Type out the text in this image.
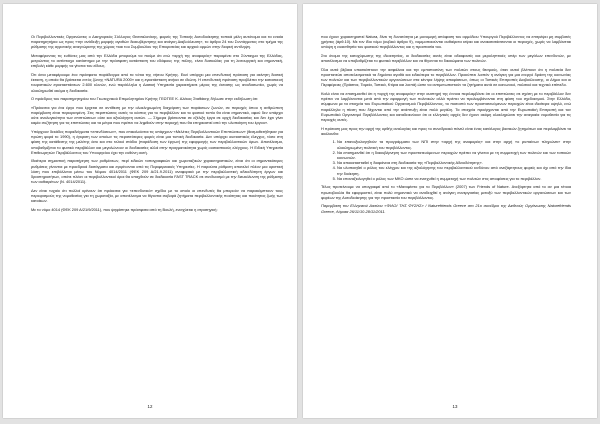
Οι Περιβαλλοντικές Οργανώσεις ο Δικηγορικός Σύλλογος Θεσσαλονίκης, φορείς της Τοπικής Αυτοδιοίκησης τοπικά μέλη αυτόνομα και τα ενιαία παρατηρητήρια ως προς «την ανάδειξη μορφής αγαθών διακυβέρνησης και ανάγκη Διαβούλευση», το άρθρο 24 του Συντάγματος στο τμήμα της ρύθμισης της αγροτικής αναγνώρισης της χώρας «και του Συμβουλίου της Επικρατείας και αρχικά ορμών στην διαρκή αντίληψη.

Μεταφέροντας τις ευθύνες μας από την Ελλάδα μπορούμε να πούμε ότι ενώ «αρχή της αναφοράς» παραμένει στο Σύνταγμα της Ελλάδας, μετρώντας το αντίστοιχο κατάστημα με την πρόσφατη κατάσταση του εδάφους της πόλης, είναι δυσκολίας για τη λειτουργική και σημαντική, επιβολή κάθε μορφής να γίνεται του είδους.

Ότι όσοι μεταφέρουμε ένα πρόσφατο παράδειγμα από τα νότια της νήσου Κρήτης. Εκεί υπάρχει μια επενδυτική πρόταση για ακίνητη δασική έκταση, η οποία θα βρίσκεται εντός ζώνης «NATURA 2000» και η εγκατάσταση ανήκει σε ιδιώτη. Η επενδυτική πρόταση προβλέπει την κατασκευή τουριστικών εγκαταστάσεων 2.600 κλινών, ενώ παράλληλα η Δασική Υπηρεσία χαρακτήρισε μέρος της έκτασης ως αναδασωτέα, χωρίς να ολοκληρωθεί ακόμα η διαδικασία.

Ο πρόεδρος του παρατηρητηρίου του Γεωτεχνικού Επιμελητηρίου Κρήτης ΓΕΩΤΕΕ Κ. Αλέκος Σταθάκης δήλωσε στην εκδήλωση ότι:

«Πρόκειται για ένα έργο που έρχεται σε αντίθεση με την ολοκληρωμένη διαχείριση των παράκτιων ζωνών, σε περιοχές όπου η ανθρώπινη παρέμβαση είναι περιορισμένη. Στις περιπτώσεις αυτές το κόστος για το περιβάλλον και το φυσικό τοπίο θα είναι σημαντικό, αφού δεν υπάρχει ούτε αναλογικότητα των επιπτώσεων ούτε και αξιολόγηση αυτών. — Σήμερα βρίσκονται σε εξέλιξη έργα σε αρχή διαδικασίας και δεν έχει γίνει καμία συζήτηση για τις επιπτώσεις και τα μέτρα που πρέπει να ληφθούν στην περιοχή που θα επηρεαστεί από την υλοποίηση του έργου».

Υπάρχουν δεκάδες παραδείγματα «επενδύσεων», που επικαλούνται τις υπάρχουν «Μελέτες Περιβαλλοντικών Επιπτώσεων» (θεσμοθετήθηκαν για πρώτη φορά το 1990), η έγκριση των οποίων τις περισσότερες φορές είναι μια τυπική διαδικασία. Δεν υπάρχει ουσιαστικός έλεγχος, τόσο στη φάση της κατάθεσης της μελέτης όσο και στο τελικό στάδιο (παράδοση των έργων) της εφαρμογής των περιβαλλοντικών όρων. Αποτέλεσμα, υποβαθμίζεται το φυσικό περιβάλλον και μεγαλώνουν οι διαδικασίες αλλά στην πραγματικότητα χωρίς ουσιαστικούς ελέγχους. Η Ειδική Υπηρεσία Επιθεωρητών Περιβάλλοντος του Υπουργείου έχει την ευθύνη αυτή.

Ιδιαίτερα σημαντική παρατήρηση των ρυθμίσεων, περί ειδικών τοπογραφικών και χωροταξικών χαρακτηριστικών, είναι ότι οι σημαντικότερες ρυθμίσεις γίνονται με προεδρικά διατάγματα και εγκρίνονται από τις Περιφερειακές Υπηρεσίες. Η παρούσα ρύθμιση αποτελεί πλέον μια οριστική λύση που επιβάλλεται μέσω του Νόμου 4014/2011 (ΦΕΚ 209 Α/21.9.2011) αναφορικά με την περιβαλλοντική αδειοδότηση έργων και δραστηριοτήτων, οπότε πλέον οι περιβαλλοντικοί όροι θα υπαχθούν σε διαδικασία FAST TRACK σε συνδυασμό με την διευκόλυνση της ρύθμισης των αυθαιρέτων (Ν. 4014/2011).

Δεν είναι τυχαίο ότι πολλοί κρίνουν ότι πρόκειται για «επενδυτικό» σχέδιο με το οποίο οι επενδυτές θα μπορούν να παρακάμπτουν τους περιορισμούς της νομοθεσίας για τη χωροταξία, με αποτέλεσμα να θίγονται σοβαρά ζητήματα περιβαλλοντικής ποιότητας και ποιότητας ζωής των κατοίκων.

Με το νόμο 4014 (ΦΕΚ 209 Α/21/9/2011), που ψηφίστηκε πρόσφατα από τη Βουλή, ενισχύεται η στρατηγική:

12

που έχουν χαρακτηριστεί Natura, δίνει τη δυνατότητα με μονομερή απόφαση του αρμόδιου Υπουργού Περιβάλλοντος να επιτρέψει μη συμβατές χρήσεις (άρθ.10). Με τον ίδιο νόμο (κυβικό άρθρο 9), νομιμοποιούνται αυθαίρετα κτίρια και ανακατατάσσονται οι περιοχές, χωρίς να λαμβάνεται υπόψη η ευαισθησία του φυσικού περιβάλλοντος και η προστασία του.

Στο όνομα της κατοχύρωσης της ιδιοκτησίας, οι διαδικασίες αυτές είναι αδιαφανείς και μεροληπτικές υπέρ των μεγάλων επενδυτών, με αποτέλεσμα να υποβαθμίζεται το φυσικό περιβάλλον και να θίγονται τα δικαιώματα των πολιτών.

Όλα αυτά βέβαια υποσκάπτουν την ασφάλεια και την εμπιστοσύνη των πολιτών στους θεσμούς, όταν αυτοί βλέπουν ότι η πολιτεία δεν προστατεύει αποτελεσματικά τα δημόσια αγαθά και ειδικότερα το περιβάλλον. Προκύπτει λοιπόν η ανάγκη για μια ενεργό δράση της κοινωνίας των πολιτών και των περιβαλλοντικών οργανώσεων στα κέντρα λήψης αποφάσεων, όπως οι Τοπικές Επιτροπές Διαβούλευσης, οι Δήμοι και οι Περιφέρειες (Πράσινα, Ταμεία, Τοπικά, Κτίρια και λοιπά) ώστε να αντιμετωπιστούν τα ζητήματα αυτά σε κοινωνικό, πολιτικό και τεχνικό επίπεδο.

Καλό είναι να επισημανθεί ότι η «αρχή της αναφοράς» στην αυστηρή της έννοια περιλαμβάνει ότι οι επιπτώσεις σε σχέση με το περιβάλλον δεν πρέπει να λαμβάνονται μετά από την εφαρμογή των πολιτικών αλλά πρέπει να προλαμβάνονται στη φάση του σχεδιασμού. Στην Ελλάδα, σύμφωνα με τα στοιχεία του Ευρωπαϊκού Οργανισμού Περιβάλλοντος, το ποσοστό των προστατευόμενων περιοχών είναι ιδιαίτερα υψηλό, ενώ παράλληλα η πίεση που δέχονται από την ανάπτυξη είναι πολύ μεγάλη. Τα στοιχεία προέρχονται από την Ευρωπαϊκή Επιτροπή και τον Ευρωπαϊκό Οργανισμό Περιβάλλοντος και καταδεικνύουν ότι οι ελληνικές αρχές δεν έχουν ακόμη ολοκληρώσει την αναγκαία νομοθεσία για τις περιοχές αυτές.

Η πρόταση μας προς την αρχή της ορθής αναλογίας και προς το συνεδριακό πάνελ είναι ένας κατάλογος βασικών ζητημάτων και περιλαμβάνει τα ακόλουθα:

1. Να επαναξιολογηθούν τα προγράμματα των ΝΠΙ στην «αρχή της αναφοράς» και στην αρχή «ο ρυπαίνων πληρώνει» στην ολοκληρωμένη πολιτική του περιβάλλοντος.
2. Να επισημανθεί ότι η διακυβέρνηση των προστατευόμενων περιοχών πρέπει να γίνεται με τη συμμετοχή των πολιτών και των τοπικών κοινωνιών.
3. Να αποκατασταθεί η διαφάνεια στη διαδικασία της «Περιβαλλοντικής Αδειοδότησης».
4. Να υλοποιηθεί ο ρόλος του ελέγχου και της αξιολόγησης του περιβαλλοντικού κινδύνου από ανεξάρτητους φορείς και όχι από την ίδια την διοίκηση.
5. Να επαναξιολογηθεί ο ρόλος των ΜΚΟ ώστε να ενισχυθεί η συμμετοχή των πολιτών στις αποφάσεις για το περιβάλλον.

Τέλος προτείνουμε να υπογραφεί από το «Μανιφέστο για το Περιβάλλον» (2007) των Friends of Nature. Ανεξάρτητα από το αν μια τέτοια πρωτοβουλία θα εφαρμοστεί, είναι πολύ σημαντικό να αναδειχθεί η ανάγκη συνεργασίας μεταξύ των περιβαλλοντικών οργανώσεων και των φορέων της Αυτοδιοίκησης για την προστασία του περιβάλλοντος.

Παρεμβαση του Ελληνικού Δικτύου «ΦΙΛΟΙ ΤΗΣ ΦΥΣΗΣ» / Naturefriends Greece στο 21ο συνέδριο της Διεθνούς Οργάνωσης Naturefriends Greece, Λάρισα 26/11/10-28/11/2011.

13
